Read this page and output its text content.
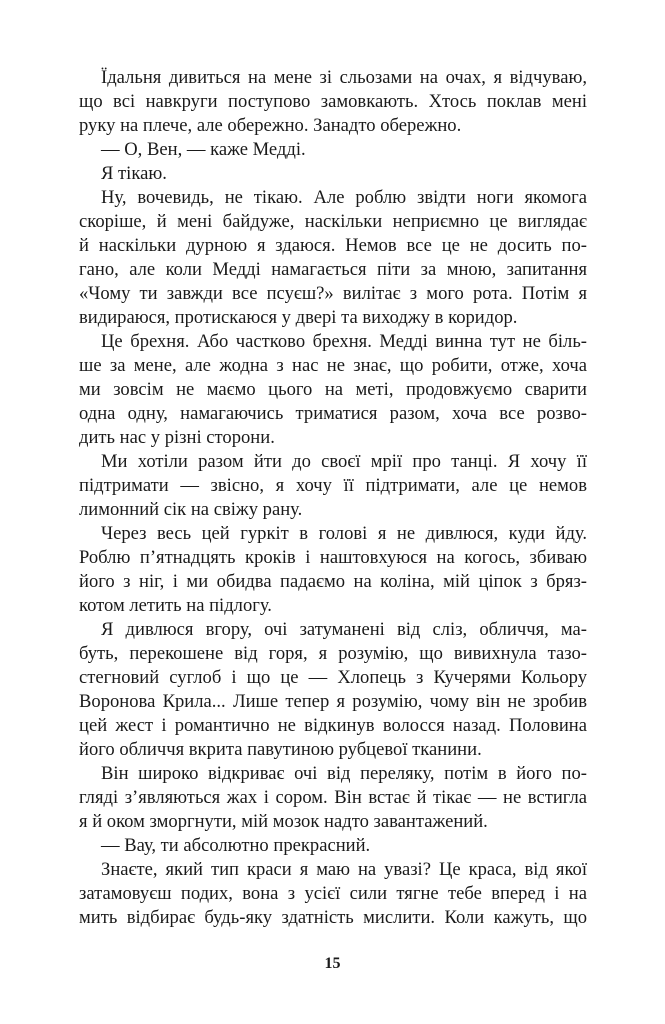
Їдальня дивиться на мене зі сльозами на очах, я відчуваю,
що всі навкруги поступово замовкають. Хтось поклав мені
руку на плече, але обережно. Занадто обережно.
— О, Вен, — каже Медді.
Я тікаю.
Ну, вочевидь, не тікаю. Але роблю звідти ноги якомога
скоріше, й мені байдуже, наскільки неприємно це виглядає
й наскільки дурною я здаюся. Немов все це не досить по-
гано, але коли Медді намагається піти за мною, запитання
«Чому ти завжди все псуєш?» вилітає з мого рота. Потім я
видираюся, протискаюся у двері та виходжу в коридор.
Це брехня. Або частково брехня. Медді винна тут не біль-
ше за мене, але жодна з нас не знає, що робити, отже, хоча
ми зовсім не маємо цього на меті, продовжуємо сварити
одна одну, намагаючись триматися разом, хоча все розво-
дить нас у різні сторони.
Ми хотіли разом йти до своєї мрії про танці. Я хочу її
підтримати — звісно, я хочу її підтримати, але це немов
лимонний сік на свіжу рану.
Через весь цей гуркіт в голові я не дивлюся, куди йду.
Роблю п’ятнадцять кроків і наштовхуюся на когось, збиваю
його з ніг, і ми обидва падаємо на коліна, мій ціпок з бряз-
котом летить на підлогу.
Я дивлюся вгору, очі затуманені від сліз, обличчя, ма-
буть, перекошене від горя, я розумію, що вивихнула тазо-
стегновий суглоб і що це — Хлопець з Кучерями Кольору
Воронова Крила... Лише тепер я розумію, чому він не зробив
цей жест і романтично не відкинув волосся назад. Половина
його обличчя вкрита павутиною рубцевої тканини.
Він широко відкриває очі від переляку, потім в його по-
гляді з’являються жах і сором. Він встає й тікає — не встигла
я й оком зморгнути, мій мозок надто завантажений.
— Вау, ти абсолютно прекрасний.
Знаєте, який тип краси я маю на увазі? Це краса, від якої
затамовуєш подих, вона з усієї сили тягне тебе вперед і на
мить відбирає будь-яку здатність мислити. Коли кажуть, що
15
